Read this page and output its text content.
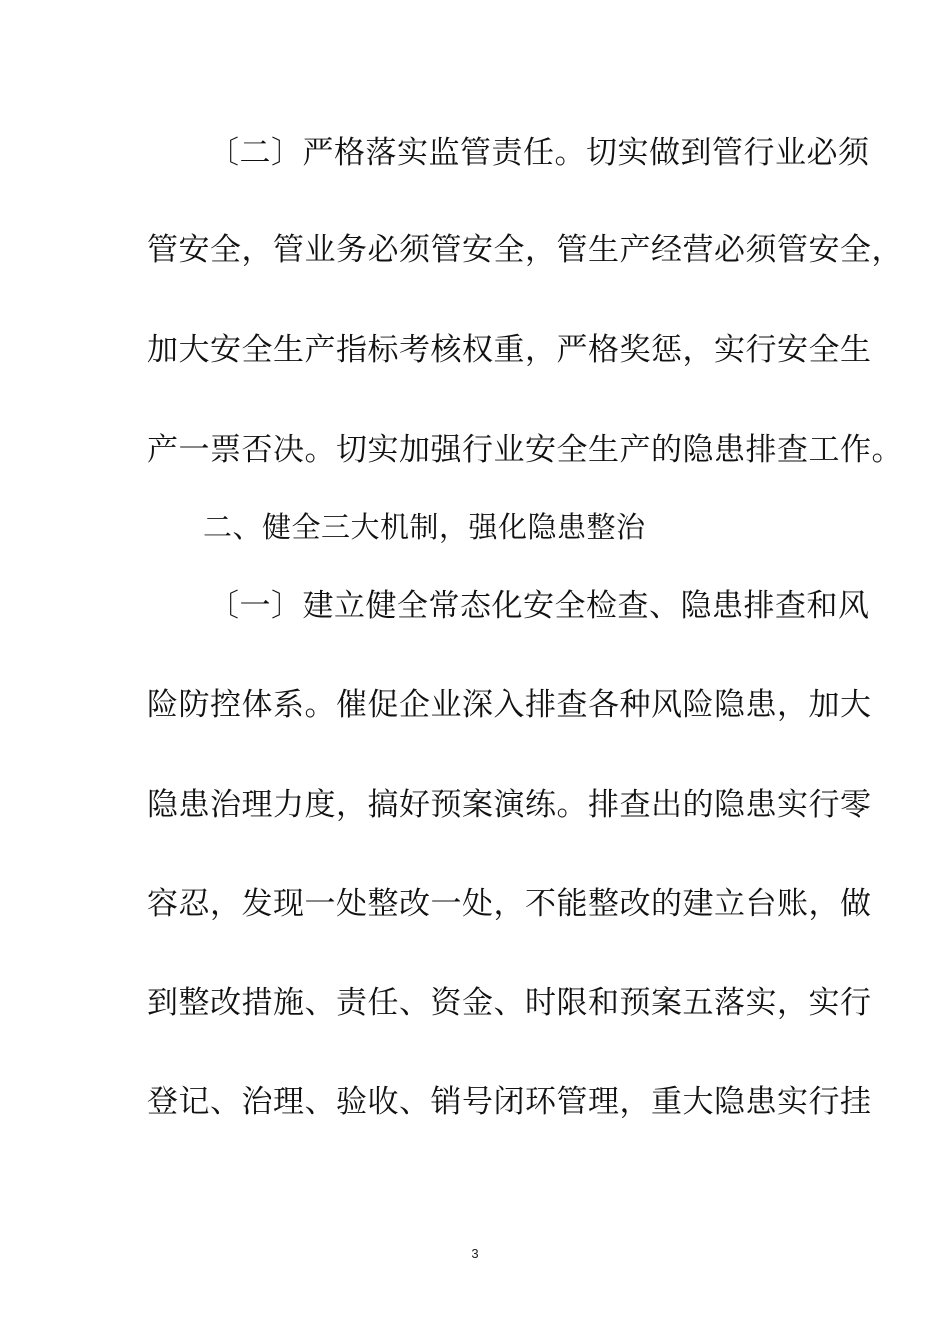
〔二〕严格落实监管责任。切实做到管行业必须
管安全，管业务必须管安全，管生产经营必须管安全，
加大安全生产指标考核权重，严格奖惩，实行安全生
产一票否决。切实加强行业安全生产的隐患排查工作。
二、健全三大机制，强化隐患整治
〔一〕建立健全常态化安全检查、隐患排查和风
险防控体系。催促企业深入排查各种风险隐患，加大
隐患治理力度，搞好预案演练。排查出的隐患实行零
容忍，发现一处整改一处，不能整改的建立台账，做
到整改措施、责任、资金、时限和预案五落实，实行
登记、治理、验收、销号闭环管理，重大隐患实行挂
3
